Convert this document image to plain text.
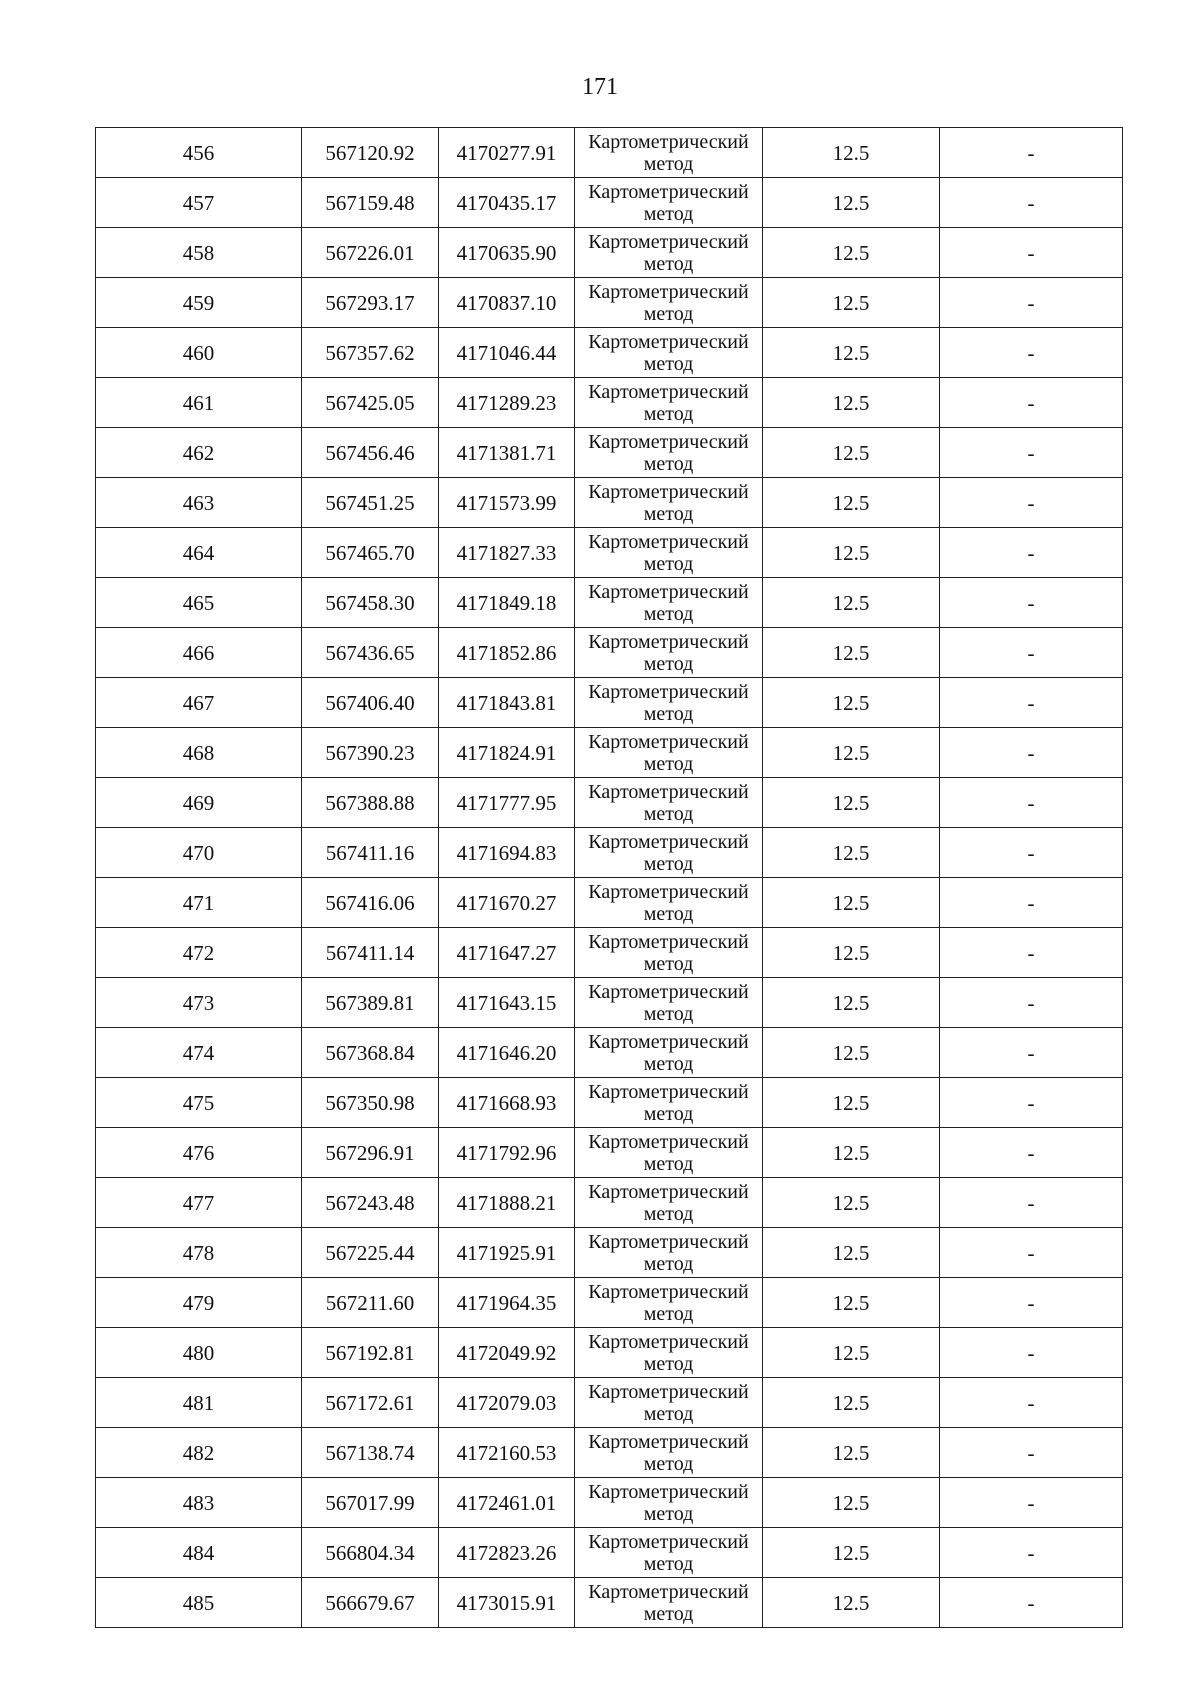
171
456	567120.92	4170277.91	Картометрический
метод	12.5	-
457	567159.48	4170435.17	Картометрический
метод	12.5	-
458	567226.01	4170635.90	Картометрический
метод	12.5	-
459	567293.17	4170837.10	Картометрический
метод	12.5	-
460	567357.62	4171046.44	Картометрический
метод	12.5	-
461	567425.05	4171289.23	Картометрический
метод	12.5	-
462	567456.46	4171381.71	Картометрический
метод	12.5	-
463	567451.25	4171573.99	Картометрический
метод	12.5	-
464	567465.70	4171827.33	Картометрический
метод	12.5	-
465	567458.30	4171849.18	Картометрический
метод	12.5	-
466	567436.65	4171852.86	Картометрический
метод	12.5	-
467	567406.40	4171843.81	Картометрический
метод	12.5	-
468	567390.23	4171824.91	Картометрический
метод	12.5	-
469	567388.88	4171777.95	Картометрический
метод	12.5	-
470	567411.16	4171694.83	Картометрический
метод	12.5	-
471	567416.06	4171670.27	Картометрический
метод	12.5	-
472	567411.14	4171647.27	Картометрический
метод	12.5	-
473	567389.81	4171643.15	Картометрический
метод	12.5	-
474	567368.84	4171646.20	Картометрический
метод	12.5	-
475	567350.98	4171668.93	Картометрический
метод	12.5	-
476	567296.91	4171792.96	Картометрический
метод	12.5	-
477	567243.48	4171888.21	Картометрический
метод	12.5	-
478	567225.44	4171925.91	Картометрический
метод	12.5	-
479	567211.60	4171964.35	Картометрический
метод	12.5	-
480	567192.81	4172049.92	Картометрический
метод	12.5	-
481	567172.61	4172079.03	Картометрический
метод	12.5	-
482	567138.74	4172160.53	Картометрический
метод	12.5	-
483	567017.99	4172461.01	Картометрический
метод	12.5	-
484	566804.34	4172823.26	Картометрический
метод	12.5	-
485	566679.67	4173015.91	Картометрический
метод	12.5	-
